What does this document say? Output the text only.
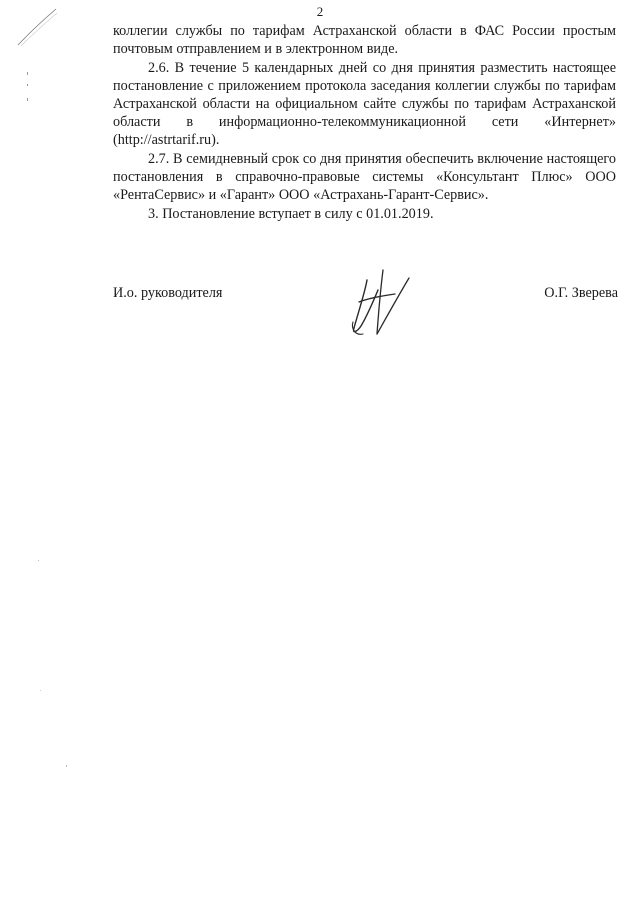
2

коллегии службы по тарифам Астраханской области в ФАС России простым почтовым отправлением и в электронном виде.

2.6. В течение 5 календарных дней со дня принятия разместить настоящее постановление с приложением протокола заседания коллегии службы по тарифам Астраханской области на официальном сайте службы по тарифам Астраханской области в информационно-телекоммуникационной сети «Интернет» (http://astrtarif.ru).

2.7. В семидневный срок со дня принятия обеспечить включение настоящего постановления в справочно-правовые системы «Консультант Плюс» ООО «РентаСервис» и «Гарант» ООО «Астрахань-Гарант-Сервис».

3. Постановление вступает в силу с 01.01.2019.

И.о. руководителя	О.Г. Зверева
